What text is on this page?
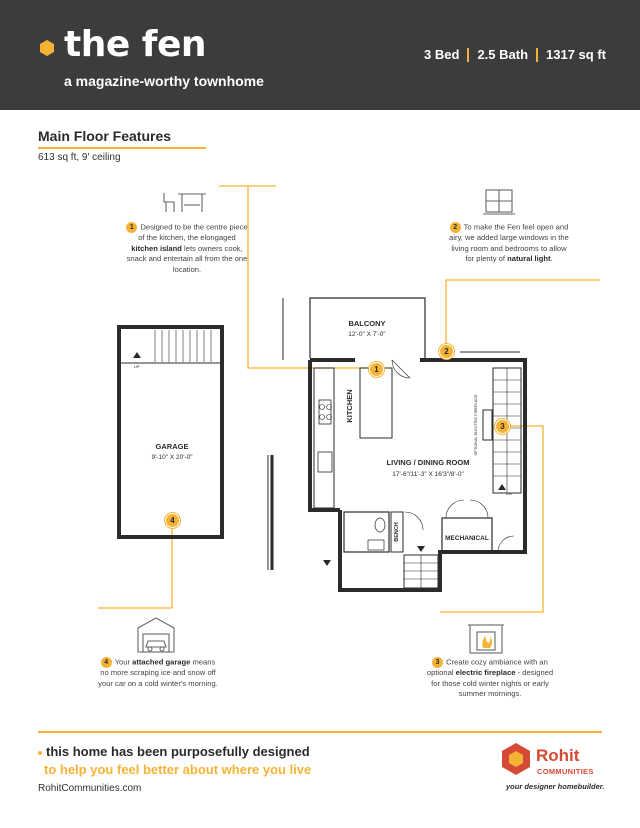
the fen
a magazine-worthy townhome
3 Bed 2.5 Bath 1317 sq ft
Main Floor Features
613 sq ft, 9' ceiling
GARAGE
9'-10" X 20'-0"
BALCONY
12'-0" X 7'-0"
KITCHEN
LIVING / DINING ROOM
17'-6"/11'-3" X 16'3"/8'-0"
MECHANICAL
BENCH
OPTIONAL ELECTRIC FIREPLACE
UP
DN
1
2
3
4
1 Designed to be the centre piece of the kitchen, the elongaged kitchen island lets owners cook, snack and entertain all from the one location.
2 To make the Fen feel open and airy, we added large windows in the living room and bedrooms to allow for plenty of natural light.
3 Create cozy ambiance with an optional electric fireplace - designed for those cold winter nights or early summer mornings.
4 Your attached garage means no more scraping ice and snow off your car on a cold winter's morning.
this home has been purposefully designed
to help you feel better about where you live
RohitCommunities.com
Rohit
COMMUNITIES
your designer homebuilder.
